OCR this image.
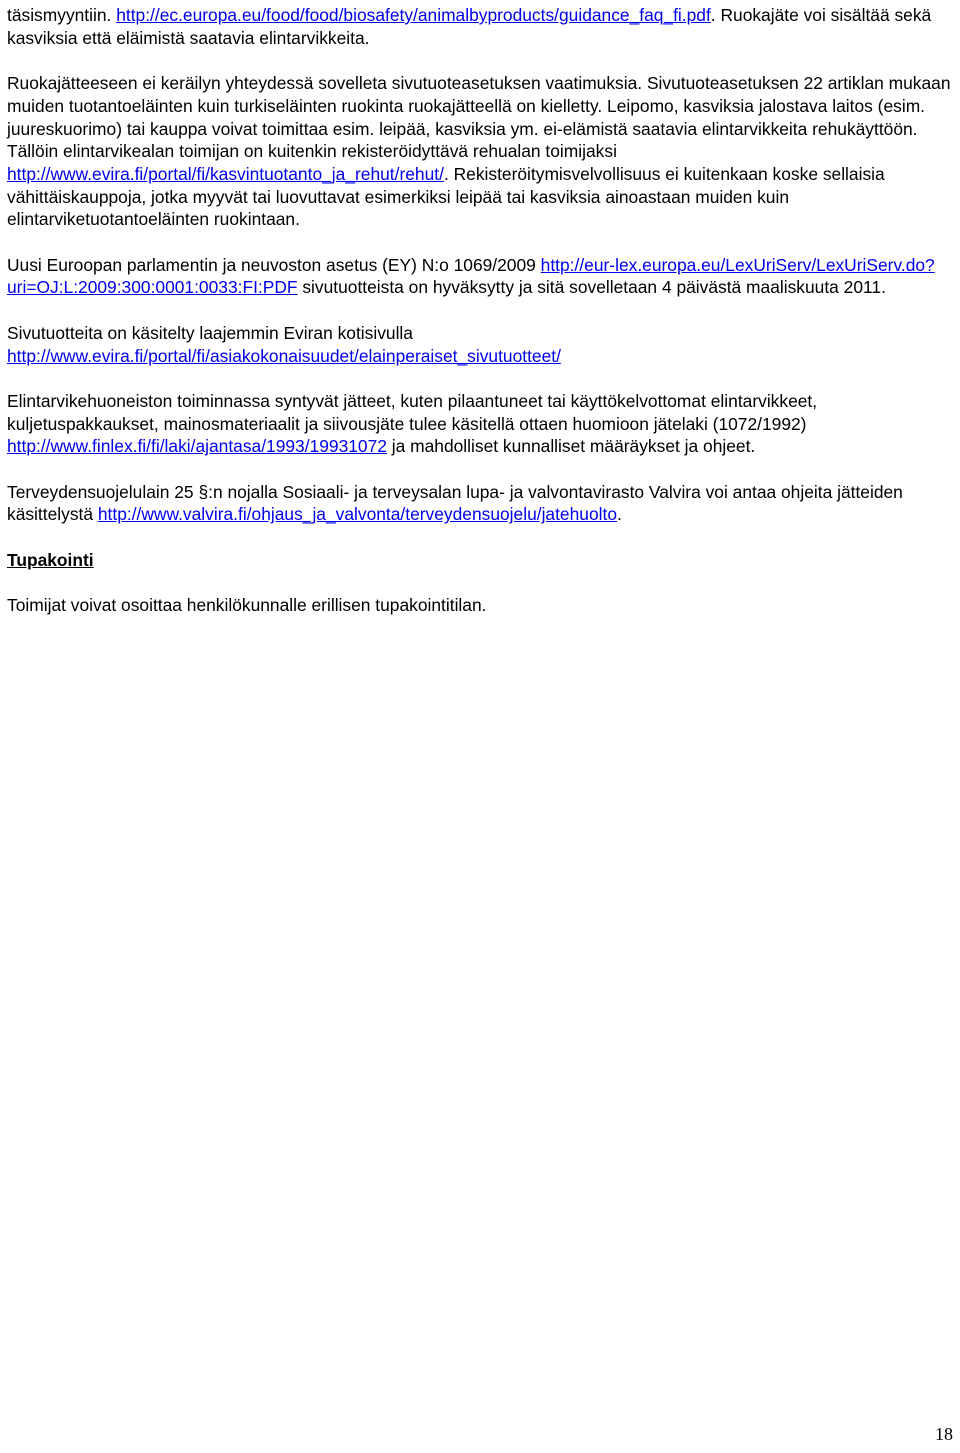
täsismyyntiin. http://ec.europa.eu/food/food/biosafety/animalbyproducts/guidance_faq_fi.pdf. Ruokajäte voi sisältää sekä kasviksia että eläimistä saatavia elintarvikkeita.

Ruokajätteeseen ei keräilyn yhteydessä sovelleta sivutuoteasetuksen vaatimuksia. Sivutuoteasetuksen 22 artiklan mukaan muiden tuotantoeläinten kuin turkiseläinten ruokinta ruokajätteellä on kielletty. Leipomo, kasviksia jalostava laitos (esim. juureskuorimo) tai kauppa voivat toimittaa esim. leipää, kasviksia ym. ei-elämistä saatavia elintarvikkeita rehukäyttöön. Tällöin elintarvikealan toimijan on kuitenkin rekisteröidyttävä rehualan toimijaksi http://www.evira.fi/portal/fi/kasvintuotanto_ja_rehut/rehut/. Rekisteröitymisvelvollisuus ei kuitenkaan koske sellaisia vähittäiskauppoja, jotka myyvät tai luovuttavat esimerkiksi leipää tai kasviksia ainoastaan muiden kuin elintarviketuotantoeläinten ruokintaan.

Uusi Euroopan parlamentin ja neuvoston asetus (EY) N:o 1069/2009 http://eur-lex.europa.eu/LexUriServ/LexUriServ.do?uri=OJ:L:2009:300:0001:0033:FI:PDF sivutuotteista on hyväksytty ja sitä sovelletaan 4 päivästä maaliskuuta 2011.

Sivutuotteita on käsitelty laajemmin Eviran kotisivulla http://www.evira.fi/portal/fi/asiakokonaisuudet/elainperaiset_sivutuotteet/

Elintarvikehuoneiston toiminnassa syntyvät jätteet, kuten pilaantuneet tai käyttökelvottomat elintarvikkeet, kuljetuspakkaukset, mainosmateriaalit ja siivousjäte tulee käsitellä ottaen huomioon jätelaki (1072/1992) http://www.finlex.fi/fi/laki/ajantasa/1993/19931072 ja mahdolliset kunnalliset määräykset ja ohjeet.

Terveydensuojelulain 25 §:n nojalla Sosiaali- ja terveysalan lupa- ja valvontavirasto Valvira voi antaa ohjeita jätteiden käsittelystä http://www.valvira.fi/ohjaus_ja_valvonta/terveydensuojelu/jatehuolto.

Tupakointi

Toimijat voivat osoittaa henkilökunnalle erillisen tupakointitilan.

18
